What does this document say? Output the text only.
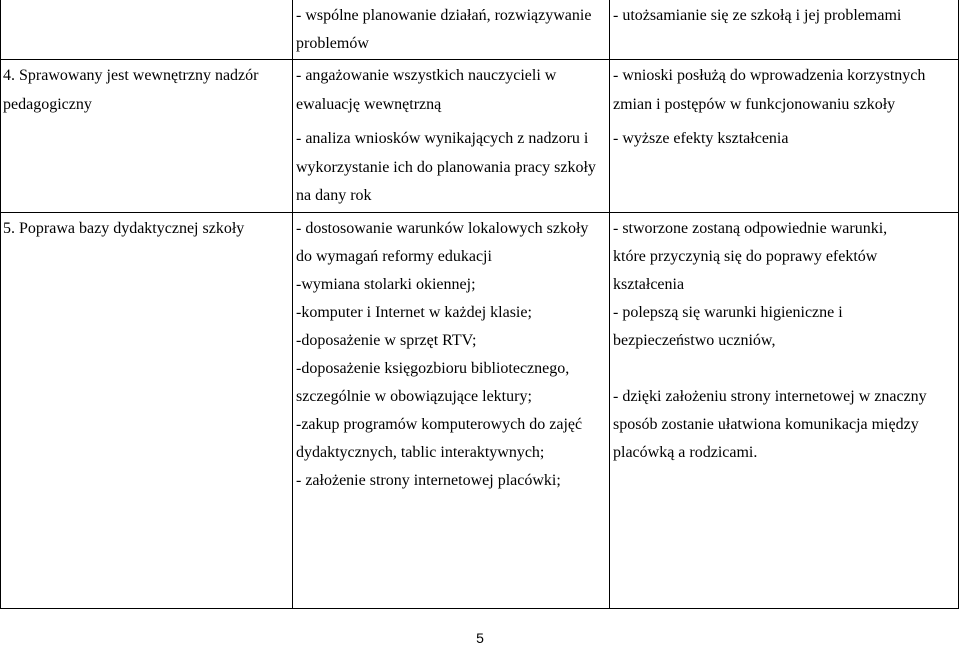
- wspólne planowanie działań, rozwiązywanie
problemów
- utożsamianie się ze szkołą i jej problemami
4. Sprawowany jest wewnętrzny nadzór
pedagogiczny
- angażowanie wszystkich nauczycieli w
ewaluację wewnętrzną
- analiza wniosków wynikających z nadzoru i
wykorzystanie ich do planowania pracy szkoły
na dany rok
- wnioski posłużą do wprowadzenia korzystnych
zmian i postępów w funkcjonowaniu szkoły
- wyższe efekty kształcenia
5. Poprawa bazy dydaktycznej szkoły	- dostosowanie warunków lokalowych szkoły
do wymagań reformy edukacji
-wymiana stolarki okiennej;
-komputer i Internet w każdej klasie;
-doposażenie w sprzęt RTV;
-doposażenie księgozbioru bibliotecznego,
szczególnie w obowiązujące lektury;
-zakup programów komputerowych do zajęć
dydaktycznych, tablic interaktywnych;
- założenie strony internetowej placówki;
- stworzone zostaną odpowiednie warunki,
które przyczynią się do poprawy efektów
kształcenia
- polepszą się warunki higieniczne i
bezpieczeństwo uczniów,
- dzięki założeniu strony internetowej w znaczny
sposób zostanie ułatwiona komunikacja między
placówką a rodzicami.
5
